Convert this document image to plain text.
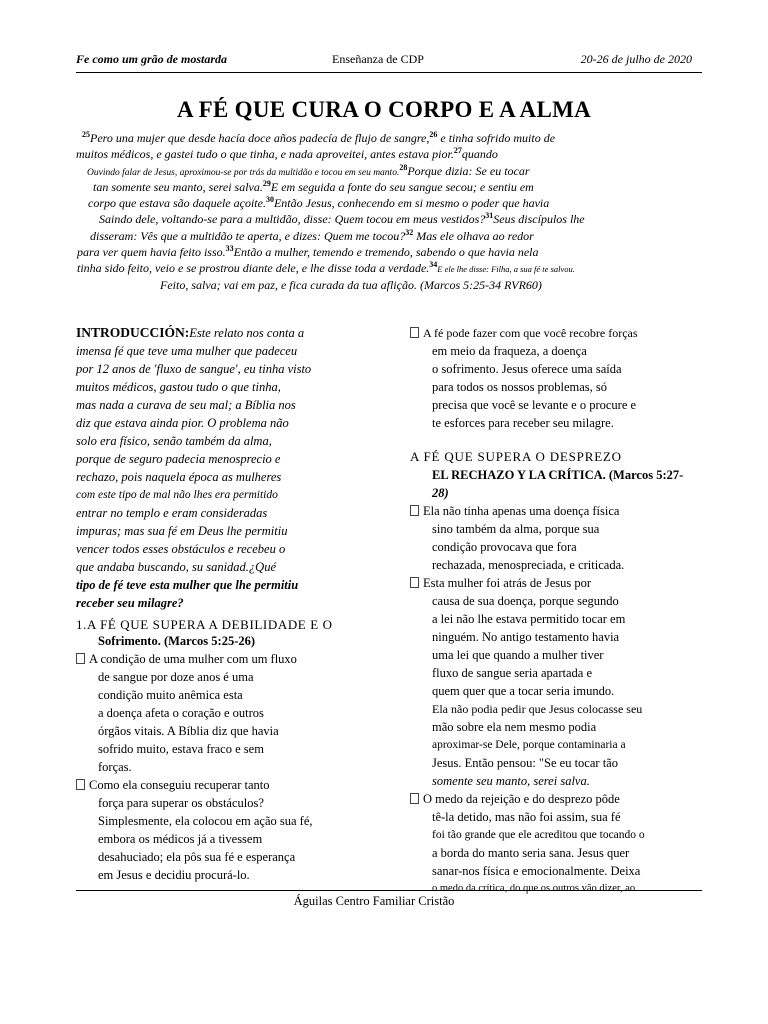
Fe como um grão de mostarda	Enseñanza de CDP	20-26 de julho de 2020
A FÉ QUE CURA O CORPO E A ALMA
$^{25}$Pero una mujer que desde hacía doce años padecía de flujo de sangre,$^{26}$ e tinha sofrido muito de
muitos médicos, e gastei tudo o que tinha, e nada aproveitei, antes estava pior.$^{27}$quando
Ouvindo falar de Jesus, aproximou-se por trás da multidão e tocou em seu manto.$^{28}$Porque dizia: Se eu tocar
tan somente seu manto, serei salva.$^{29}$E em seguida a fonte do seu sangue secou; e sentiu em
corpo que estava são daquele açoite.$^{30}$Então Jesus, conhecendo em si mesmo o poder que havia
Saindo dele, voltando-se para a multidão, disse: Quem tocou em meus vestidos?$^{31}$Seus discípulos lhe
disseram: Vês que a multidão te aperta, e dizes: Quem me tocou?$^{32}$ Mas ele olhava ao redor
para ver quem havia feito isso.$^{33}$Então a mulher, temendo e tremendo, sabendo o que havia nela
tinha sido feito, veio e se prostrou diante dele, e lhe disse toda a verdade.$^{34}$E ele lhe disse: Filha, a sua fé te salvou.
Feito, salva; vai em paz, e fica curada da tua aflição. (Marcos 5:25-34 RVR60)
INTRODUCCIÓN:Este relato nos conta a
imensa fé que teve uma mulher que padeceu
por 12 anos de 'fluxo de sangue', eu tinha visto
muitos médicos, gastou tudo o que tinha,
mas nada a curava de seu mal; a Bíblia nos
diz que estava ainda pior. O problema não
solo era físico, senão também da alma,
porque de seguro padecia menosprecio e
rechazo, pois naquela época as mulheres
com este tipo de mal não lhes era permitido
entrar no templo e eram consideradas
impuras; mas sua fé em Deus lhe permitiu
vencer todos esses obstáculos e recebeu o
que andaba buscando, su sanidad.¿Qué
tipo de fé teve esta mulher que lhe permitiu
receber seu milagre?
1.A FÉ QUE SUPERA A DEBILIDADE E O
Sofrimento. (Marcos 5:25-26)
A condição de uma mulher com um fluxo
de sangue por doze anos é uma
condição muito anêmica esta
a doença afeta o coração e outros
órgãos vitais. A Bíblia diz que havia
sofrido muito, estava fraco e sem
forças.
Como ela conseguiu recuperar tanto
força para superar os obstáculos?
Simplesmente, ela colocou em ação sua fé,
embora os médicos já a tivessem
desahuciado; ela pôs sua fé e esperança
em Jesus e decidiu procurá-lo.
A fé pode fazer com que você recobre forças
em meio da fraqueza, a doença
o sofrimento. Jesus oferece uma saída
para todos os nossos problemas, só
precisa que você se levante e o procure e
te esforces para receber seu milagre.
A FÉ QUE SUPERA O DESPREZO
EL RECHAZO Y LA CRÍTICA. (Marcos 5:27-
28)
Ela não tinha apenas uma doença física
sino também da alma, porque sua
condição provocava que fora
rechazada, menospreciada, e criticada.
Esta mulher foi atrás de Jesus por
causa de sua doença, porque segundo
a lei não lhe estava permitido tocar em
ninguém. No antigo testamento havia
uma lei que quando a mulher tiver
fluxo de sangue seria apartada e
quem quer que a tocar seria imundo.
Ela não podia pedir que Jesus colocasse seu
mão sobre ela nem mesmo podia
aproximar-se Dele, porque contaminaria a
Jesus. Então pensou: "Se eu tocar tão
somente seu manto, serei salva.
O medo da rejeição e do desprezo pôde
tê-la detido, mas não foi assim, sua fé
foi tão grande que ele acreditou que tocando o
a borda do manto seria sana. Jesus quer
sanar-nos física e emocionalmente. Deixa
o medo da crítica, do que os outros vão dizer, ao
Águilas Centro Familiar Cristão
